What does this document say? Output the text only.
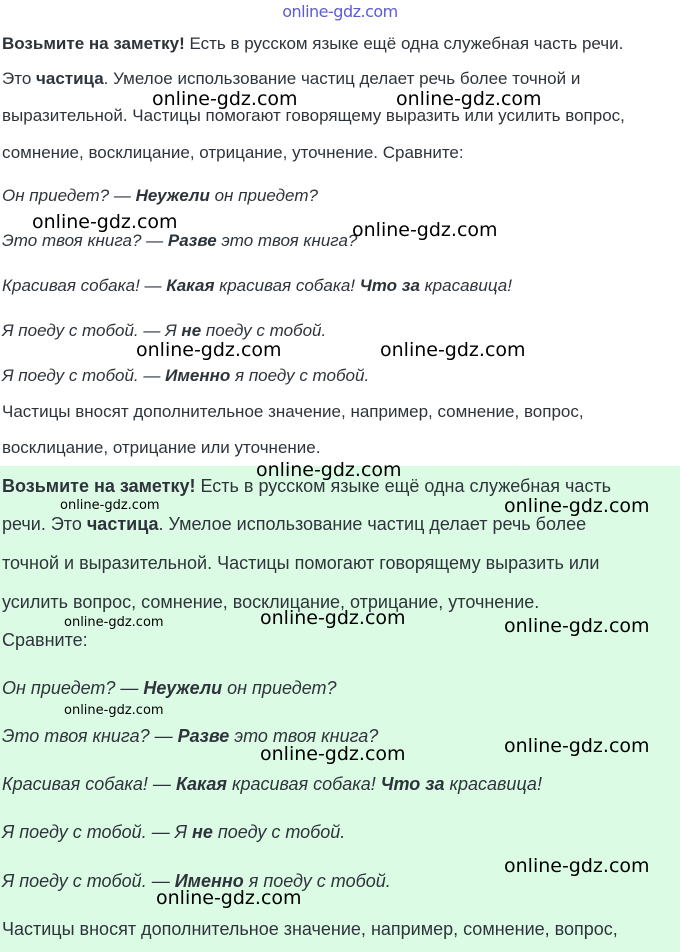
Возьмите на заметку! Есть в русском языке ещё одна служебная часть речи.
Это частица. Умелое использование частиц делает речь более точной и
выразительной. Частицы помогают говорящему выразить или усилить вопрос,
сомнение, восклицание, отрицание, уточнение. Сравните:
Он приедет? — Неужели он приедет?
Это твоя книга? — Разве это твоя книга?
Красивая собака! — Какая красивая собака! Что за красавица!
Я поеду с тобой. — Я не поеду с тобой.
Я поеду с тобой. — Именно я поеду с тобой.
Частицы вносят дополнительное значение, например, сомнение, вопрос,
восклицание, отрицание или уточнение.
Возьмите на заметку! Есть в русском языке ещё одна служебная часть
речи. Это частица. Умелое использование частиц делает речь более
точной и выразительной. Частицы помогают говорящему выразить или
усилить вопрос, сомнение, восклицание, отрицание, уточнение.
Сравните:
Он приедет? — Неужели он приедет?
Это твоя книга? — Разве это твоя книга?
Красивая собака! — Какая красивая собака! Что за красавица!
Я поеду с тобой. — Я не поеду с тобой.
Я поеду с тобой. — Именно я поеду с тобой.
Частицы вносят дополнительное значение, например, сомнение, вопрос,
online-gdz.com
online-gdz.com	online-gdz.com
online-gdz.com	online-gdz.com
online-gdz.com	online-gdz.com
online-gdz.com
online-gdz.com
online-gdz.com
online-gdz.com	online-gdz.com	online-gdz.com
online-gdz.com
online-gdz.com
online-gdz.com
online-gdz.com
online-gdz.com
